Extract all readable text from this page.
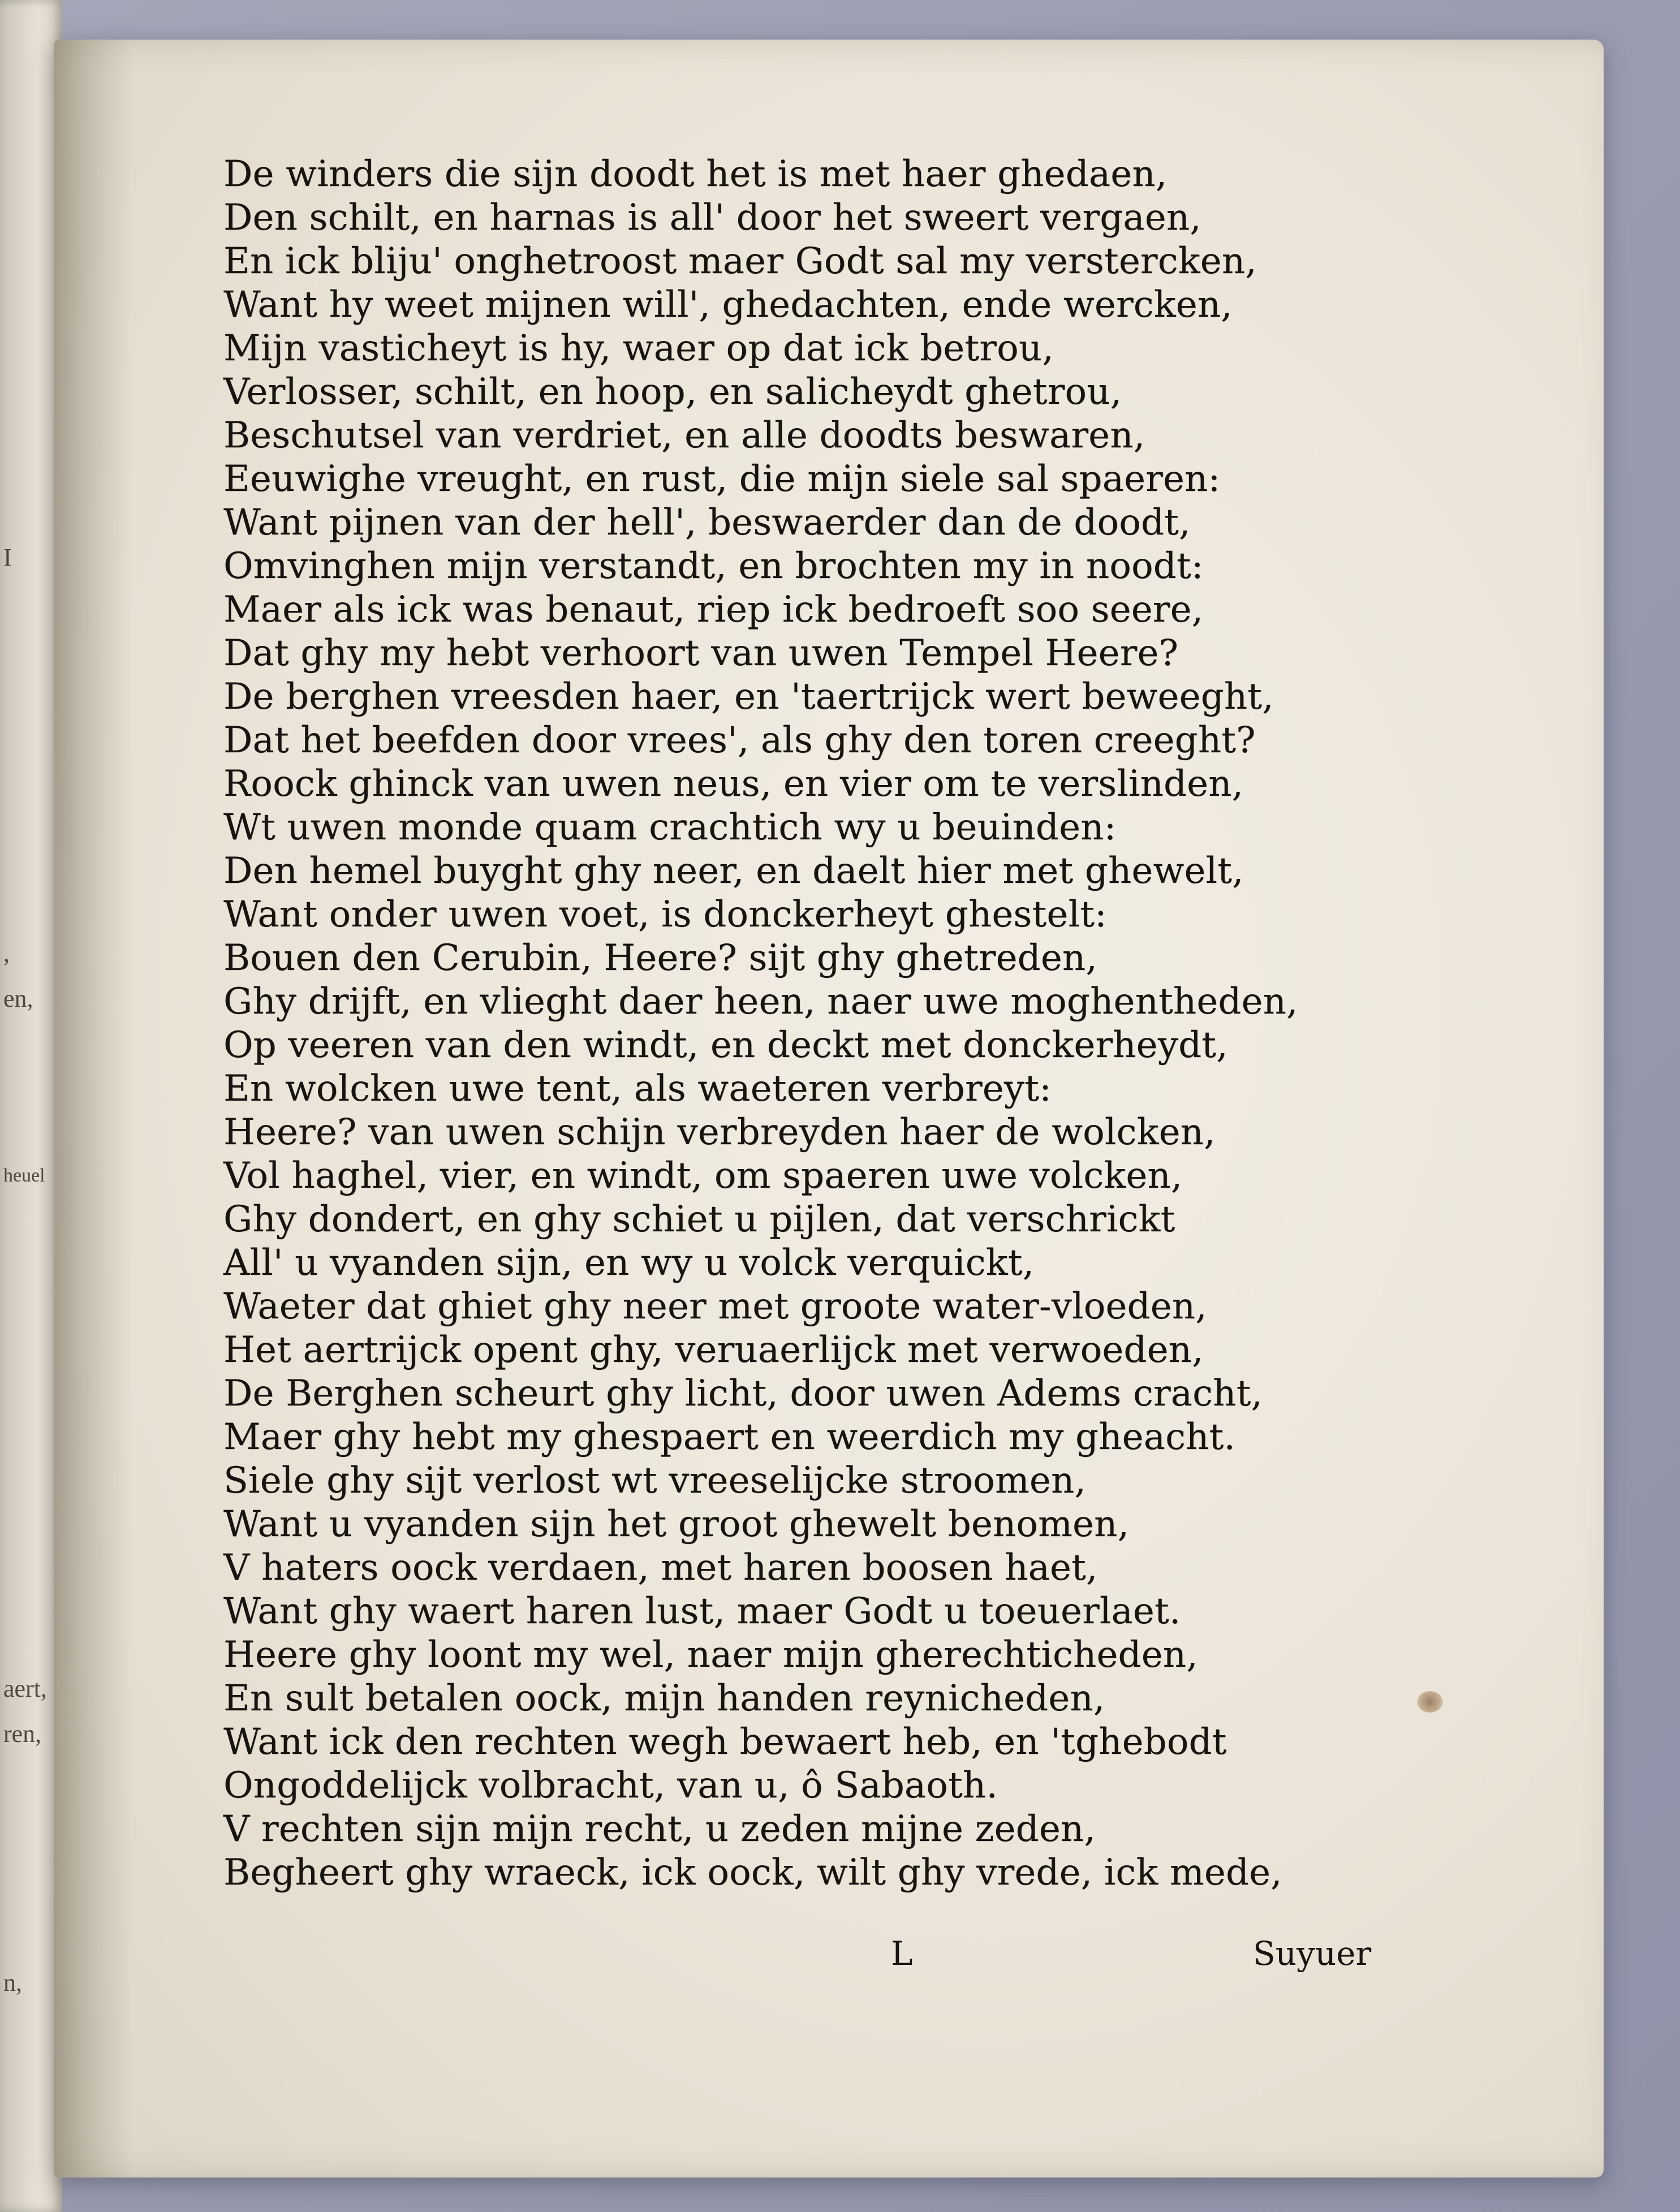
I
,
en,
heuel
aert,
ren,
n,
De winders die sijn doodt het is met haer ghedaen,
Den schilt, en harnas is all' door het sweert vergaen,
En ick bliju' onghetroost maer Godt sal my verstercken,
Want hy weet mijnen will', ghedachten, ende wercken,
Mijn vasticheyt is hy, waer op dat ick betrou,
Verlosser, schilt, en hoop, en salicheydt ghetrou,
Beschutsel van verdriet, en alle doodts beswaren,
Eeuwighe vreught, en rust, die mijn siele sal spaeren:
Want pijnen van der hell', beswaerder dan de doodt,
Omvinghen mijn verstandt, en brochten my in noodt:
Maer als ick was benaut, riep ick bedroeft soo seere,
Dat ghy my hebt verhoort van uwen Tempel Heere?
De berghen vreesden haer, en 'taertrijck wert beweeght,
Dat het beefden door vrees', als ghy den toren creeght?
Roock ghinck van uwen neus, en vier om te verslinden,
Wt uwen monde quam crachtich wy u beuinden:
Den hemel buyght ghy neer, en daelt hier met ghewelt,
Want onder uwen voet, is donckerheyt ghestelt:
Bouen den Cerubin, Heere? sijt ghy ghetreden,
Ghy drijft, en vlieght daer heen, naer uwe moghentheden,
Op veeren van den windt, en deckt met donckerheydt,
En wolcken uwe tent, als waeteren verbreyt:
Heere? van uwen schijn verbreyden haer de wolcken,
Vol haghel, vier, en windt, om spaeren uwe volcken,
Ghy dondert, en ghy schiet u pijlen, dat verschrickt
All' u vyanden sijn, en wy u volck verquickt,
Waeter dat ghiet ghy neer met groote water-vloeden,
Het aertrijck opent ghy, veruaerlijck met verwoeden,
De Berghen scheurt ghy licht, door uwen Adems cracht,
Maer ghy hebt my ghespaert en weerdich my gheacht.
Siele ghy sijt verlost wt vreeselijcke stroomen,
Want u vyanden sijn het groot ghewelt benomen,
V haters oock verdaen, met haren boosen haet,
Want ghy waert haren lust, maer Godt u toeuerlaet.
Heere ghy loont my wel, naer mijn gherechticheden,
En sult betalen oock, mijn handen reynicheden,
Want ick den rechten wegh bewaert heb, en 'tghebodt
Ongoddelijck volbracht, van u, ô Sabaoth.
V rechten sijn mijn recht, u zeden mijne zeden,
Begheert ghy wraeck, ick oock, wilt ghy vrede, ick mede,
L	Suyuer
